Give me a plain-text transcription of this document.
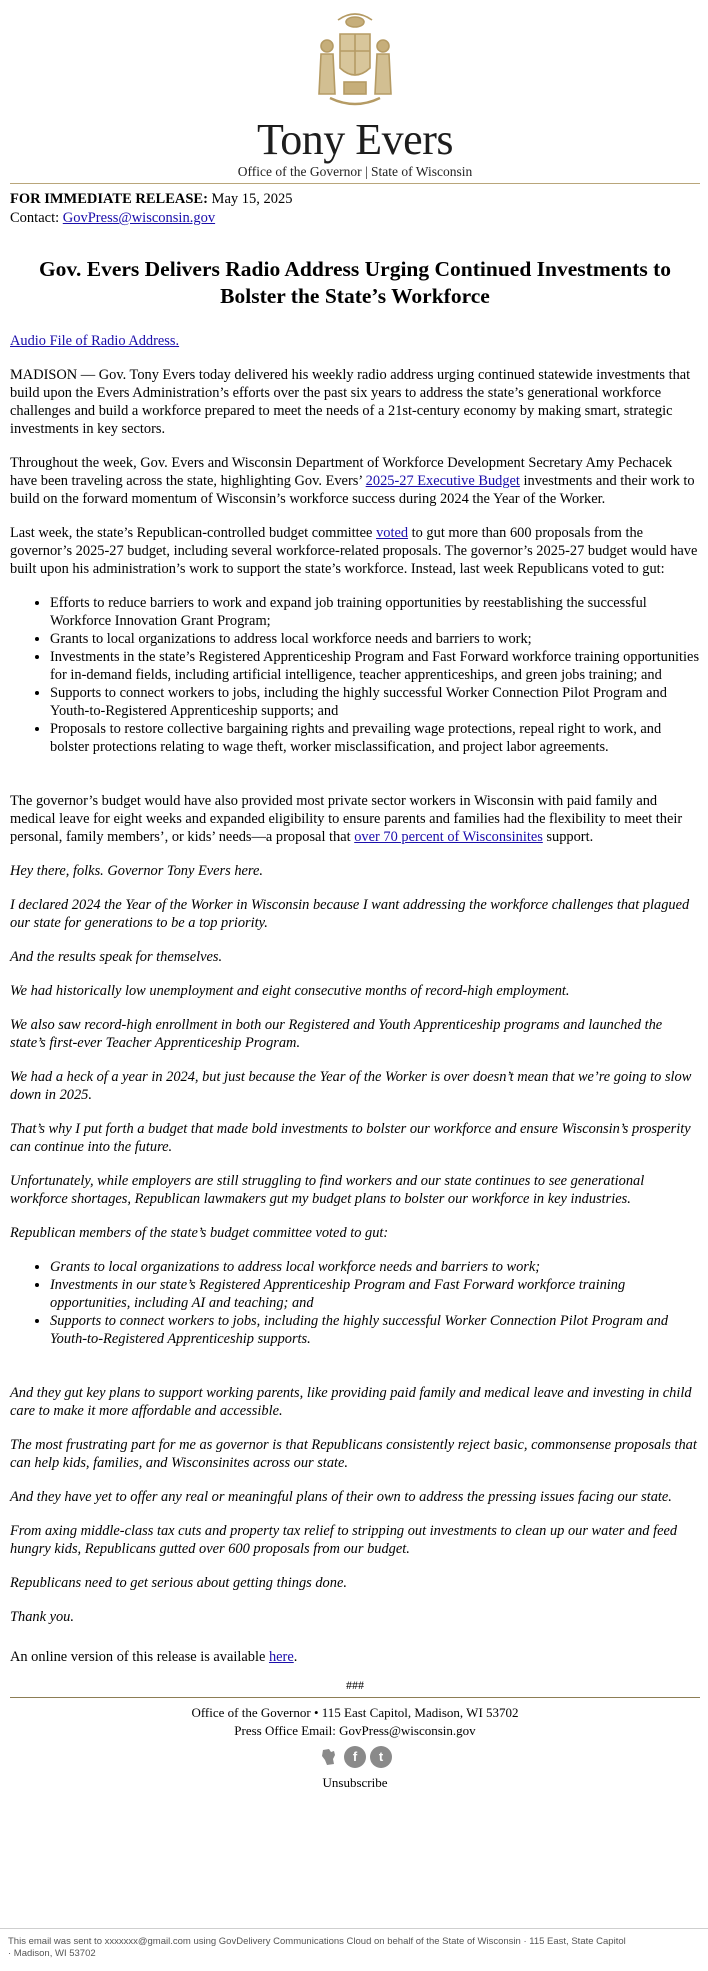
Tony Evers
Office of the Governor | State of Wisconsin
FOR IMMEDIATE RELEASE: May 15, 2025
Contact: GovPress@wisconsin.gov
Gov. Evers Delivers Radio Address Urging Continued Investments to Bolster the State’s Workforce

Audio File of Radio Address.

MADISON — Gov. Tony Evers today delivered his weekly radio address urging continued statewide investments that build upon the Evers Administration’s efforts over the past six years to address the state’s generational workforce challenges and build a workforce prepared to meet the needs of a 21st-century economy by making smart, strategic investments in key sectors.

Throughout the week, Gov. Evers and Wisconsin Department of Workforce Development Secretary Amy Pechacek have been traveling across the state, highlighting Gov. Evers’ 2025-27 Executive Budget investments and their work to build on the forward momentum of Wisconsin’s workforce success during 2024 the Year of the Worker.

Last week, the state’s Republican-controlled budget committee voted to gut more than 600 proposals from the governor’s 2025-27 budget, including several workforce-related proposals. The governor’s 2025-27 budget would have built upon his administration’s work to support the state’s workforce. Instead, last week Republicans voted to gut:

• Efforts to reduce barriers to work and expand job training opportunities by reestablishing the successful Workforce Innovation Grant Program;
• Grants to local organizations to address local workforce needs and barriers to work;
• Investments in the state’s Registered Apprenticeship Program and Fast Forward workforce training opportunities for in-demand fields, including artificial intelligence, teacher apprenticeships, and green jobs training; and
• Supports to connect workers to jobs, including the highly successful Worker Connection Pilot Program and Youth-to-Registered Apprenticeship supports; and
• Proposals to restore collective bargaining rights and prevailing wage protections, repeal right to work, and bolster protections relating to wage theft, worker misclassification, and project labor agreements.

The governor’s budget would have also provided most private sector workers in Wisconsin with paid family and medical leave for eight weeks and expanded eligibility to ensure parents and families had the flexibility to meet their personal, family members’, or kids’ needs—a proposal that over 70 percent of Wisconsinites support.

Hey there, folks. Governor Tony Evers here.

I declared 2024 the Year of the Worker in Wisconsin because I want addressing the workforce challenges that plagued our state for generations to be a top priority.

And the results speak for themselves.

We had historically low unemployment and eight consecutive months of record-high employment.

We also saw record-high enrollment in both our Registered and Youth Apprenticeship programs and launched the state’s first-ever Teacher Apprenticeship Program.

We had a heck of a year in 2024, but just because the Year of the Worker is over doesn’t mean that we’re going to slow down in 2025.

That’s why I put forth a budget that made bold investments to bolster our workforce and ensure Wisconsin’s prosperity can continue into the future.

Unfortunately, while employers are still struggling to find workers and our state continues to see generational workforce shortages, Republican lawmakers gut my budget plans to bolster our workforce in key industries.

Republican members of the state’s budget committee voted to gut:

• Grants to local organizations to address local workforce needs and barriers to work;
• Investments in our state’s Registered Apprenticeship Program and Fast Forward workforce training opportunities, including AI and teaching; and
• Supports to connect workers to jobs, including the highly successful Worker Connection Pilot Program and Youth-to-Registered Apprenticeship supports.

And they gut key plans to support working parents, like providing paid family and medical leave and investing in child care to make it more affordable and accessible.

The most frustrating part for me as governor is that Republicans consistently reject basic, commonsense proposals that can help kids, families, and Wisconsinites across our state.

And they have yet to offer any real or meaningful plans of their own to address the pressing issues facing our state.

From axing middle-class tax cuts and property tax relief to stripping out investments to clean up our water and feed hungry kids, Republicans gutted over 600 proposals from our budget.

Republicans need to get serious about getting things done.

Thank you.

An online version of this release is available here.

###
Office of the Governor • 115 East Capitol, Madison, WI 53702
Press Office Email: GovPress@wisconsin.gov
f	t
Unsubscribe
This email was sent to xxxxxxx@gmail.com using GovDelivery Communications Cloud on behalf of the State of Wisconsin · 115 East, State Capitol · Madison, WI 53702
